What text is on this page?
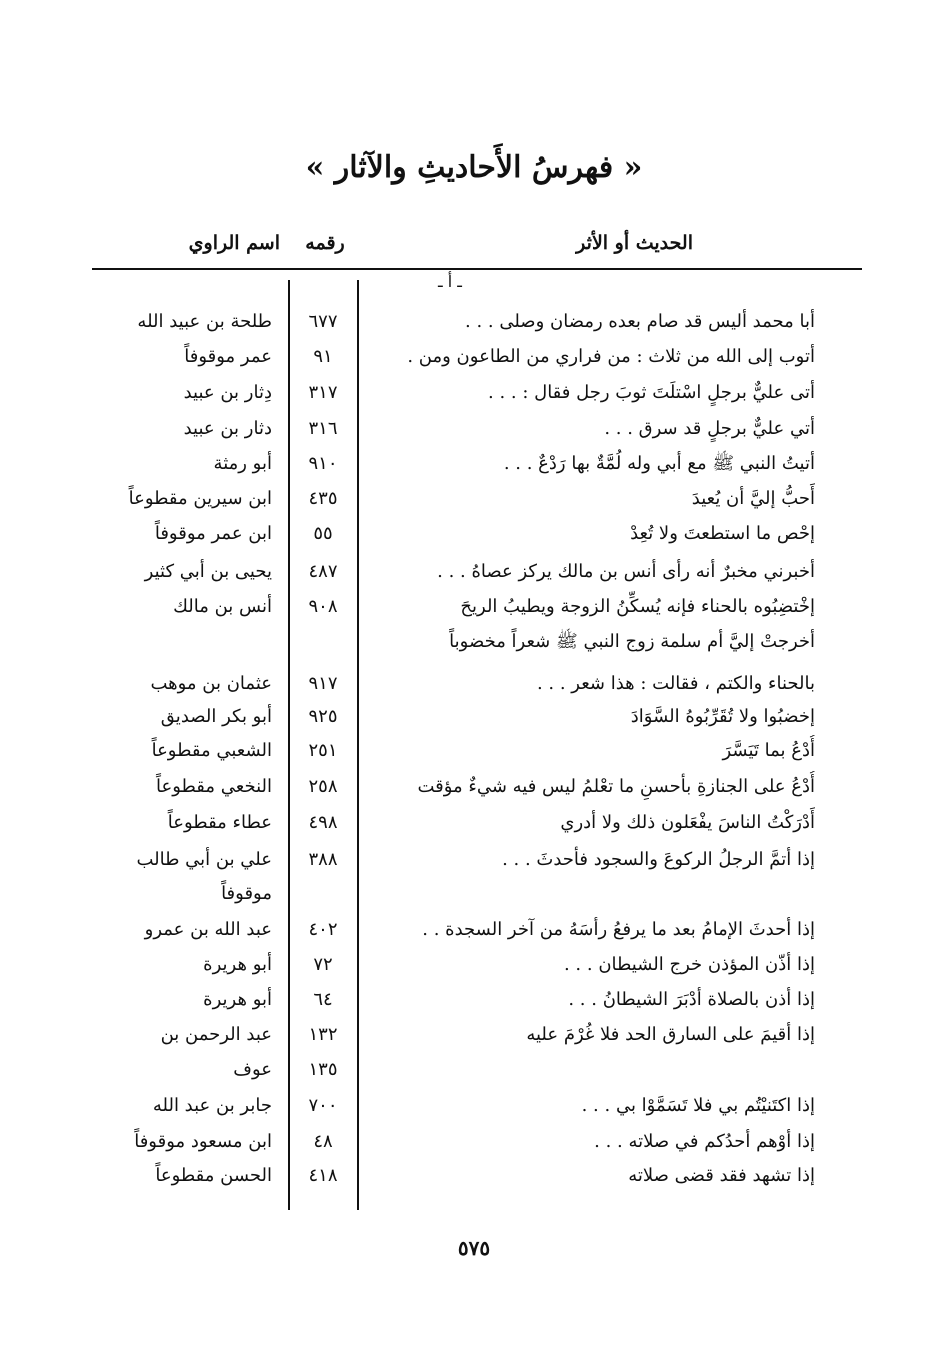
« فهرسُ الأَحاديثِ والآثار »
الحديث أو الأثر
رقمه
اسم الراوي
ـ أ ـ
أبا محمد أليس قد صام بعده رمضان وصلى . . .
٦٧٧
طلحة بن عبيد الله
أتوب إلى الله من ثلاث : من فراري من الطاعون ومن .
٩١
عمر موقوفاً
أتى عليٌّ برجلٍ اسْتلَتَ ثوبَ رجل فقال : . . .
٣١٧
دِثار بن عبيد
أتي عليٌّ برجلٍ قد سرق . . .
٣١٦
دثار بن عبيد
أتيتُ النبي ﷺ مع أبي وله لُمَّةٌ بها رَدْعٌ . . .
٩١٠
أبو رمثة
أَحبُّ إليَّ أن يُعيدَ
٤٣٥
ابن سيرين مقطوعاً
إحْص ما استطعتَ ولا تُعِدْ
٥٥
ابن عمر موقوفاً
أخبرني مخبرٌ أنه رأى أنس بن مالك يركز عصاهُ . . .
٤٨٧
يحيى بن أبي كثير
إخْتضِبُوه بالحناء فإنه يُسكِّنُ الزوجة ويطيبُ الريحَ
٩٠٨
أنس بن مالك
أخرجتْ إليَّ أم سلمة زوج النبي ﷺ شعراً مخضوباً
بالحناء والكتم ، فقالت : هذا شعر . . .
٩١٧
عثمان بن موهب
إخضبُوا ولا تُقَرِّبُوهُ السَّوَادَ
٩٢٥
أبو بكر الصديق
أُدْعُ بما تَيَسَّرَ
٢٥١
الشعبي مقطوعاً
أُدْعُ على الجنازةِ بأحسنِ ما تعْلمُ ليس فيه شيءٌ مؤقت
٢٥٨
النخعي مقطوعاً
أَدْرَكْتُ الناسَ يفْعَلون ذلك ولا أدري
٤٩٨
عطاء مقطوعاً
إذا أتمَّ الرجلُ الركوعَ والسجود فأحدثَ . . .
٣٨٨
علي بن أبي طالب
موقوفاً
إذا أحدثَ الإمامُ بعد ما يرفعُ رأسَهُ من آخر السجدة . .
٤٠٢
عبد الله بن عمرو
إذا أذّن المؤذن خرج الشيطان . . .
٧٢
أبو هريرة
إذا أذن بالصلاة أدْبَرَ الشيطانُ . . .
٦٤
أبو هريرة
إذا أقيمَ على السارق الحد فلا غُرْمَ عليه
١٣٢
عبد الرحمن بن
١٣٥
عوف
إذا اكتَنيْتُم بي فلا تَسَمَّوْا بي . . .
٧٠٠
جابر بن عبد الله
إذا أوْهم أحدُكم في صلاته . . .
٤٨
ابن مسعود موقوفاً
إذا تشهد فقد قضى صلاته
٤١٨
الحسن مقطوعاً
٥٧٥
